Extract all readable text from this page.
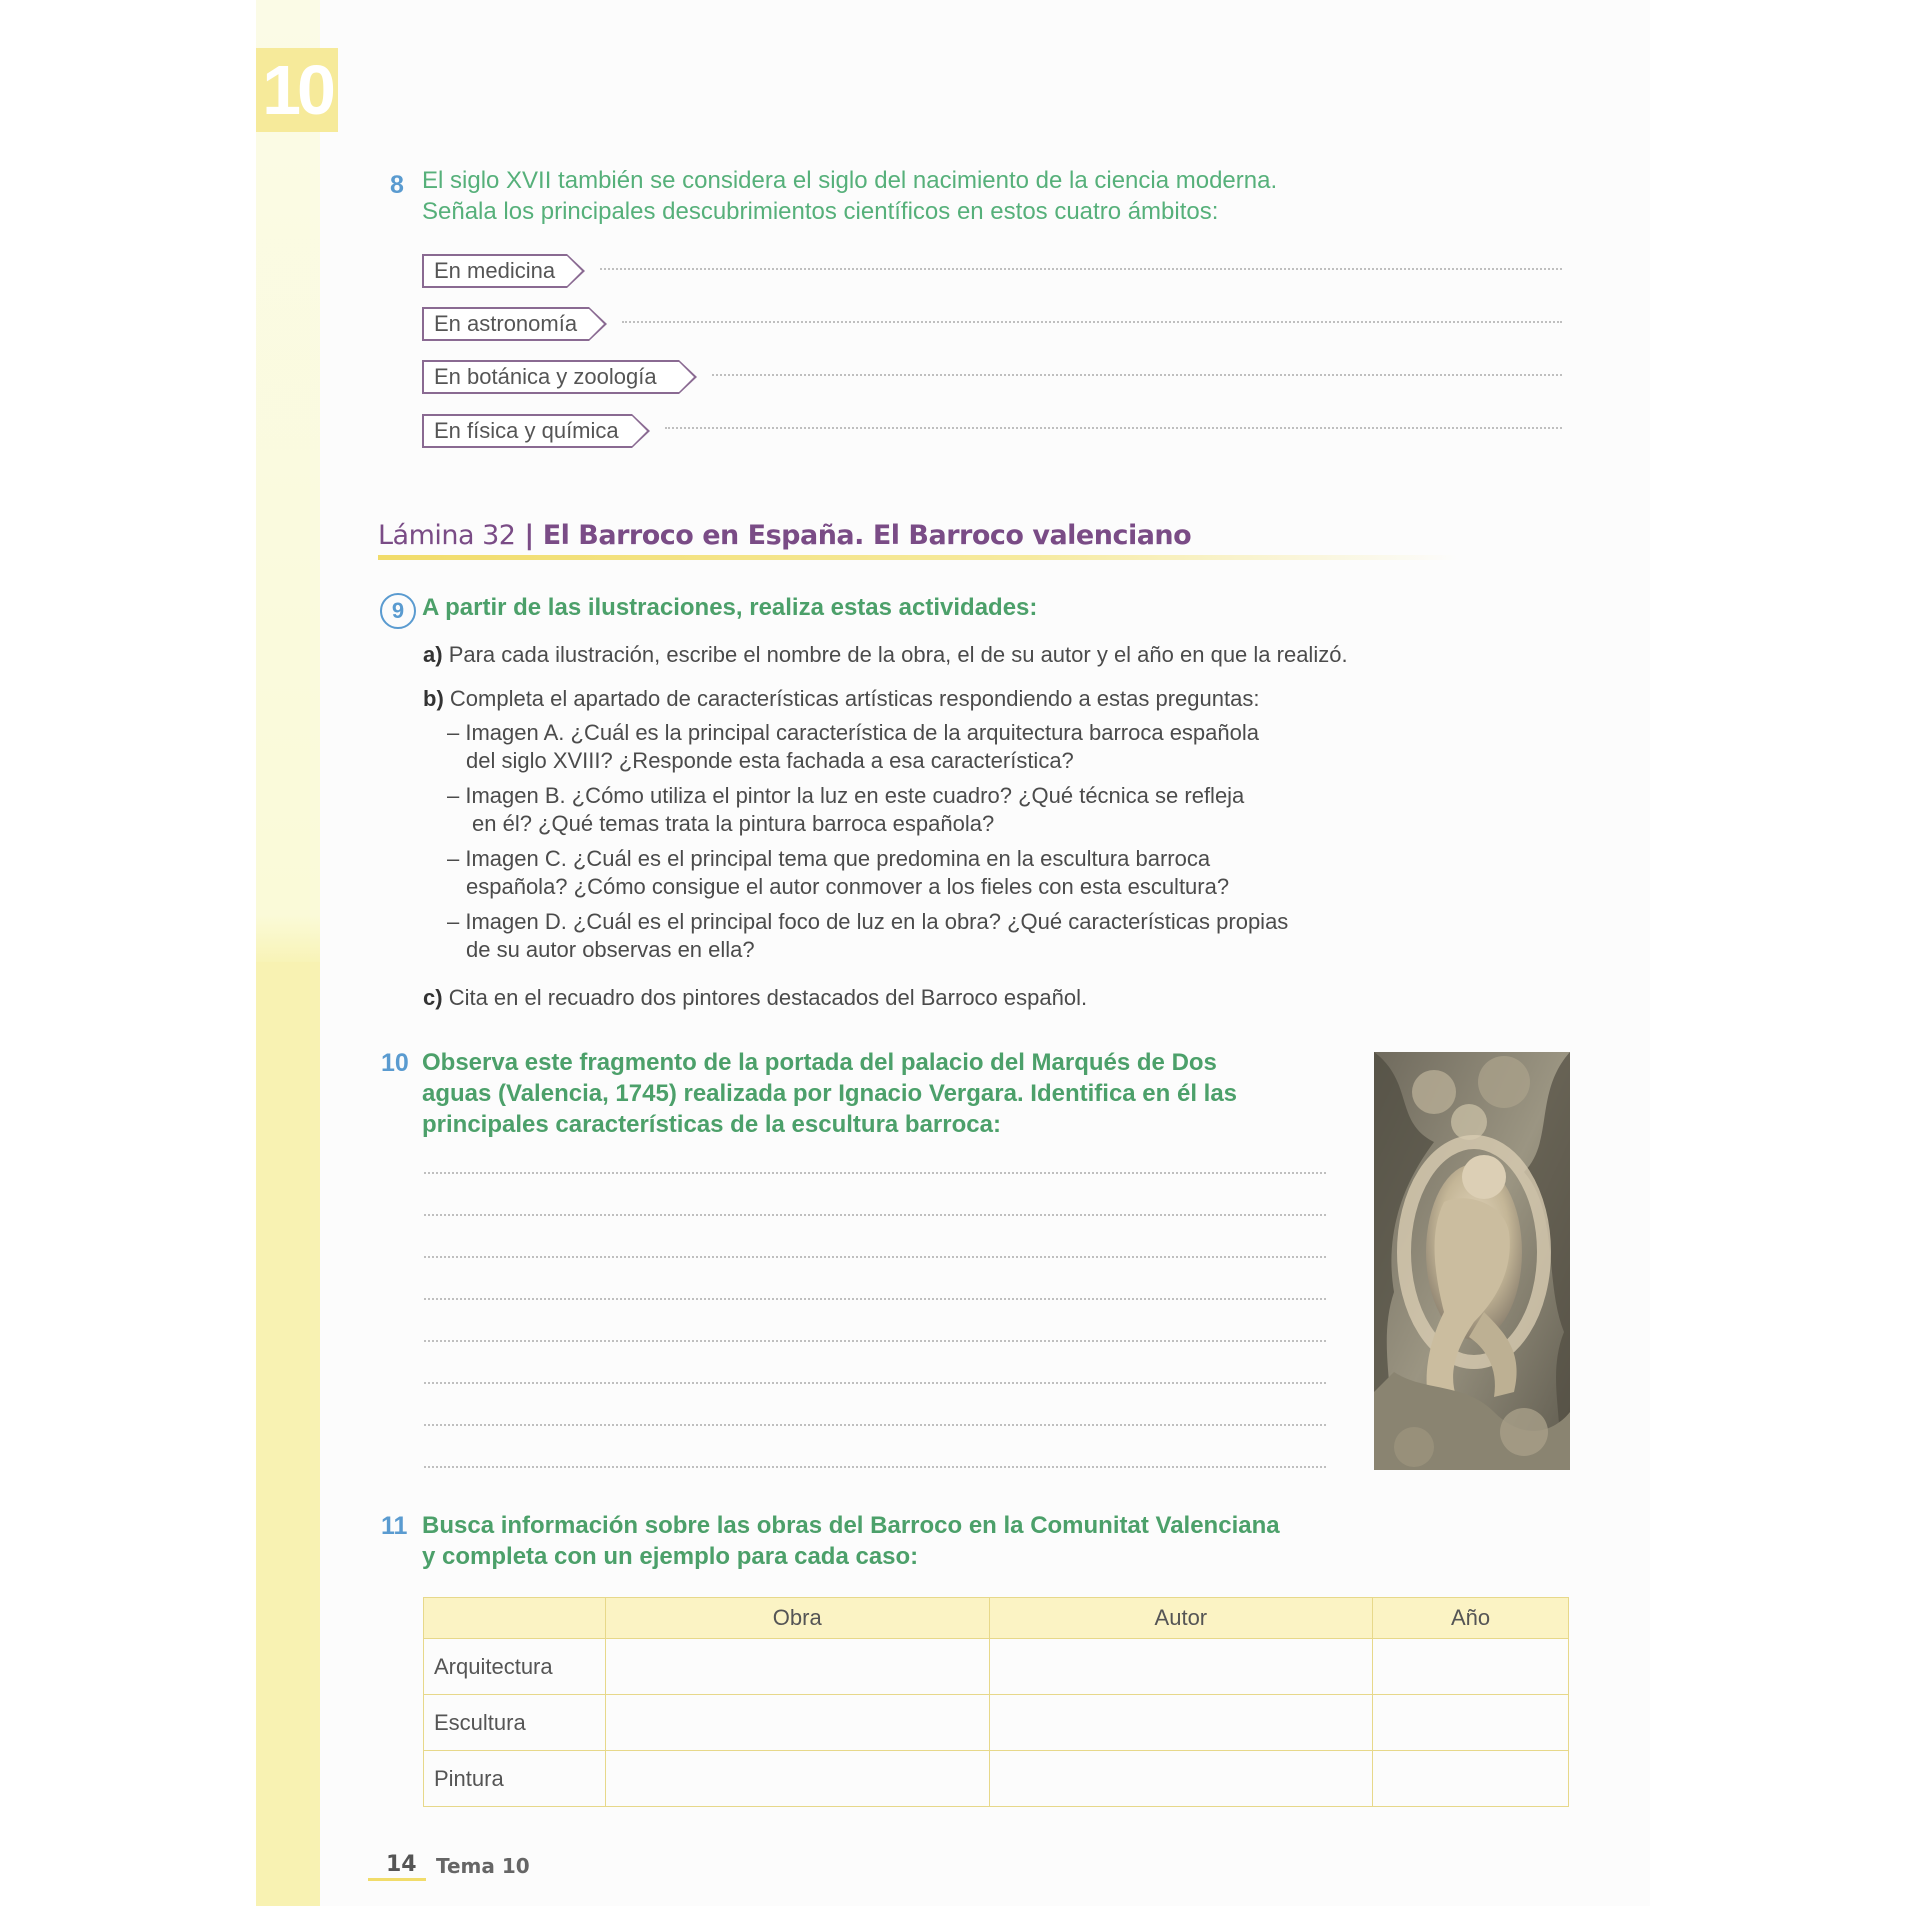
10
8 El siglo XVII también se considera el siglo del nacimiento de la ciencia moderna.
Señala los principales descubrimientos científicos en estos cuatro ámbitos:
En medicina
En astronomía
En botánica y zoología
En física y química
Lámina 32 | El Barroco en España. El Barroco valenciano
9 A partir de las ilustraciones, realiza estas actividades:
a) Para cada ilustración, escribe el nombre de la obra, el de su autor y el año en que la realizó.
b) Completa el apartado de características artísticas respondiendo a estas preguntas:
– Imagen A. ¿Cuál es la principal característica de la arquitectura barroca española
del siglo XVIII? ¿Responde esta fachada a esa característica?
– Imagen B. ¿Cómo utiliza el pintor la luz en este cuadro? ¿Qué técnica se refleja
en él? ¿Qué temas trata la pintura barroca española?
– Imagen C. ¿Cuál es el principal tema que predomina en la escultura barroca
española? ¿Cómo consigue el autor conmover a los fieles con esta escultura?
– Imagen D. ¿Cuál es el principal foco de luz en la obra? ¿Qué características propias
de su autor observas en ella?
c) Cita en el recuadro dos pintores destacados del Barroco español.
10 Observa este fragmento de la portada del palacio del Marqués de Dos
aguas (Valencia, 1745) realizada por Ignacio Vergara. Identifica en él las
principales características de la escultura barroca:
11 Busca información sobre las obras del Barroco en la Comunitat Valenciana
y completa con un ejemplo para cada caso:
	Obra	Autor	Año
Arquitectura			
Escultura			
Pintura			
14 Tema 10
